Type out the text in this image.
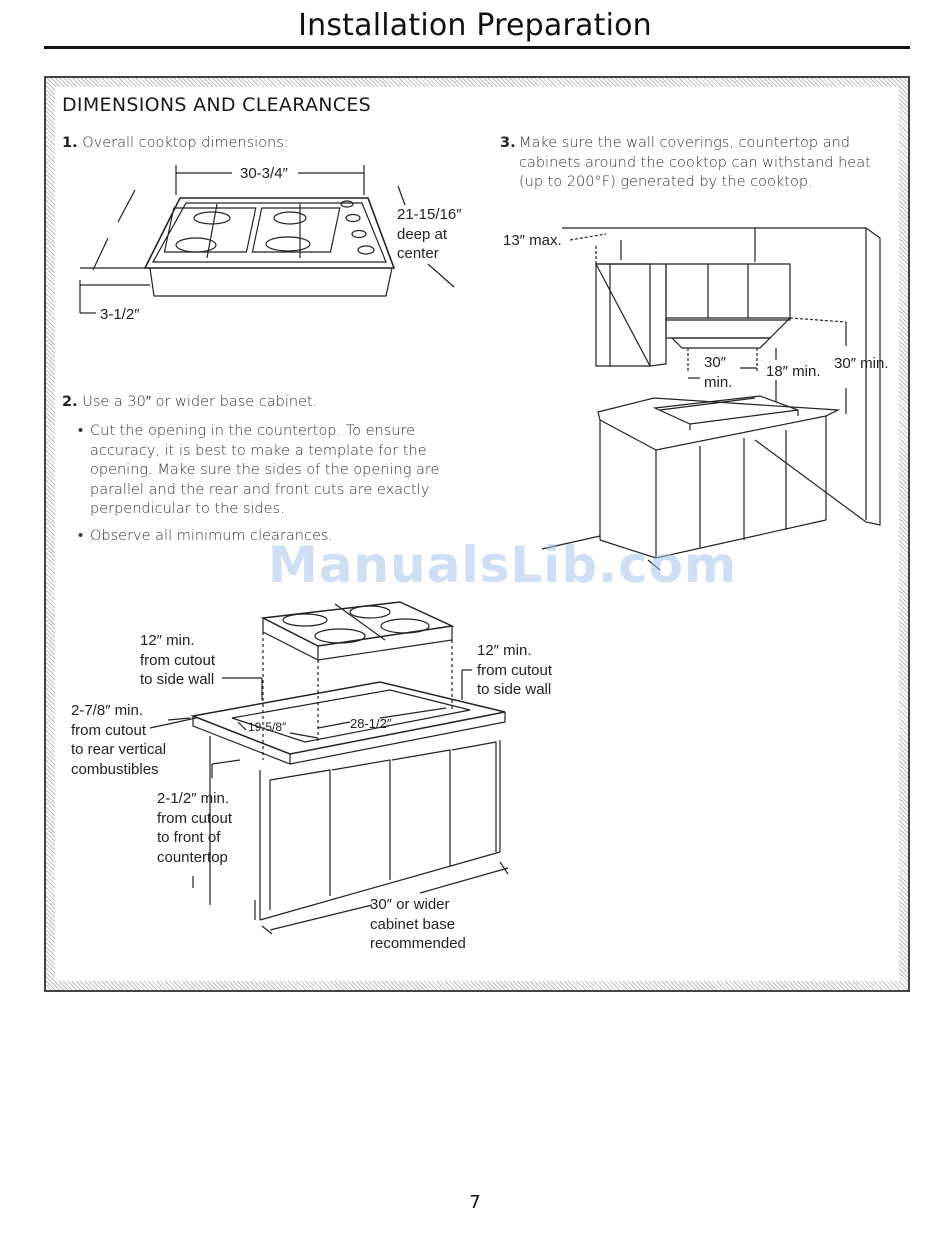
Installation Preparation
DIMENSIONS AND CLEARANCES
1. Overall cooktop dimensions:
2. Use a 30″ or wider base cabinet.
• Cut the opening in the countertop. To ensure
accuracy, it is best to make a template for the
opening. Make sure the sides of the opening are
parallel and the rear and front cuts are exactly
perpendicular to the sides.
• Observe all minimum clearances.
3. Make sure the wall coverings, countertop and
cabinets around the cooktop can withstand heat
(up to 200°F) generated by the cooktop.
30-3/4″
21-15/16″
deep at
center
3-1/2″
13″ max.
30″
min.
18″ min. 30″ min.
ManualsLib.com
12″ min.
from cutout
to side wall
12″ min.
from cutout
to side wall
2-7/8″ min.
from cutout
to rear vertical
combustibles
19-5/8″	28-1/2″
2-1/2″ min.
from cutout
to front of
countertop
30″ or wider
cabinet base
recommended
7
